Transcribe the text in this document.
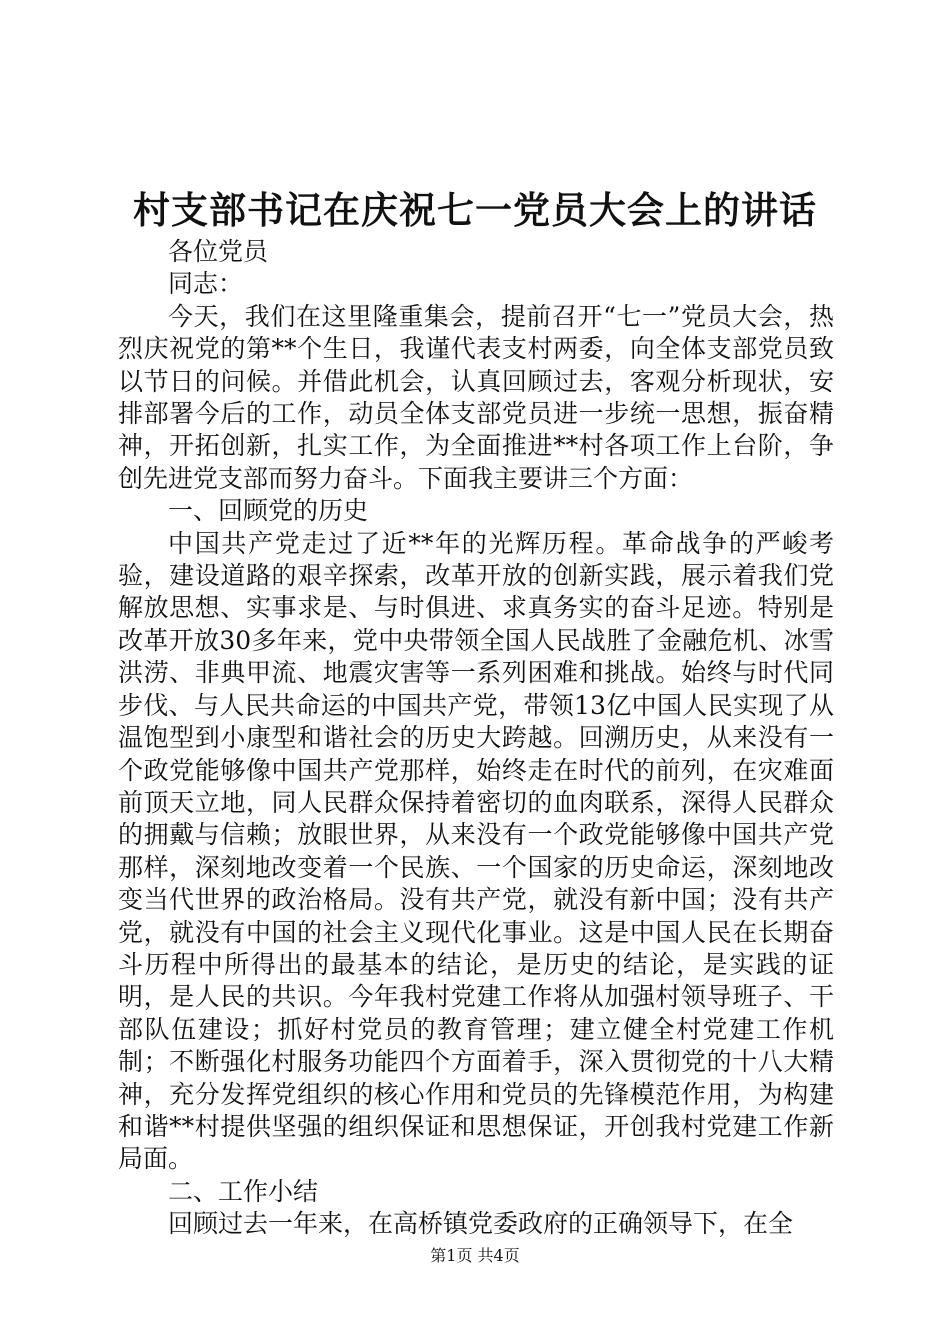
村支部书记在庆祝七一党员大会上的讲话

各位党员

同志：

今天，我们在这里隆重集会，提前召开“七一”党员大会，热烈庆祝党的第**个生日，我谨代表支村两委，向全体支部党员致以节日的问候。并借此机会，认真回顾过去，客观分析现状，安排部署今后的工作，动员全体支部党员进一步统一思想，振奋精神，开拓创新，扎实工作，为全面推进**村各项工作上台阶，争创先进党支部而努力奋斗。下面我主要讲三个方面：

一、回顾党的历史

中国共产党走过了近**年的光辉历程。革命战争的严峻考验，建设道路的艰辛探索，改革开放的创新实践，展示着我们党解放思想、实事求是、与时俱进、求真务实的奋斗足迹。特别是改革开放30多年来，党中央带领全国人民战胜了金融危机、冰雪洪涝、非典甲流、地震灾害等一系列困难和挑战。始终与时代同步伐、与人民共命运的中国共产党，带领13亿中国人民实现了从温饱型到小康型和谐社会的历史大跨越。回溯历史，从来没有一个政党能够像中国共产党那样，始终走在时代的前列，在灾难面前顶天立地，同人民群众保持着密切的血肉联系，深得人民群众的拥戴与信赖；放眼世界，从来没有一个政党能够像中国共产党那样，深刻地改变着一个民族、一个国家的历史命运，深刻地改变当代世界的政治格局。没有共产党，就没有新中国；没有共产党，就没有中国的社会主义现代化事业。这是中国人民在长期奋斗历程中所得出的最基本的结论，是历史的结论，是实践的证明，是人民的共识。今年我村党建工作将从加强村领导班子、干部队伍建设；抓好村党员的教育管理；建立健全村党建工作机制；不断强化村服务功能四个方面着手，深入贯彻党的十八大精神，充分发挥党组织的核心作用和党员的先锋模范作用，为构建和谐**村提供坚强的组织保证和思想保证，开创我村党建工作新局面。

二、工作小结

回顾过去一年来，在高桥镇党委政府的正确领导下，在全

第1页 共4页
